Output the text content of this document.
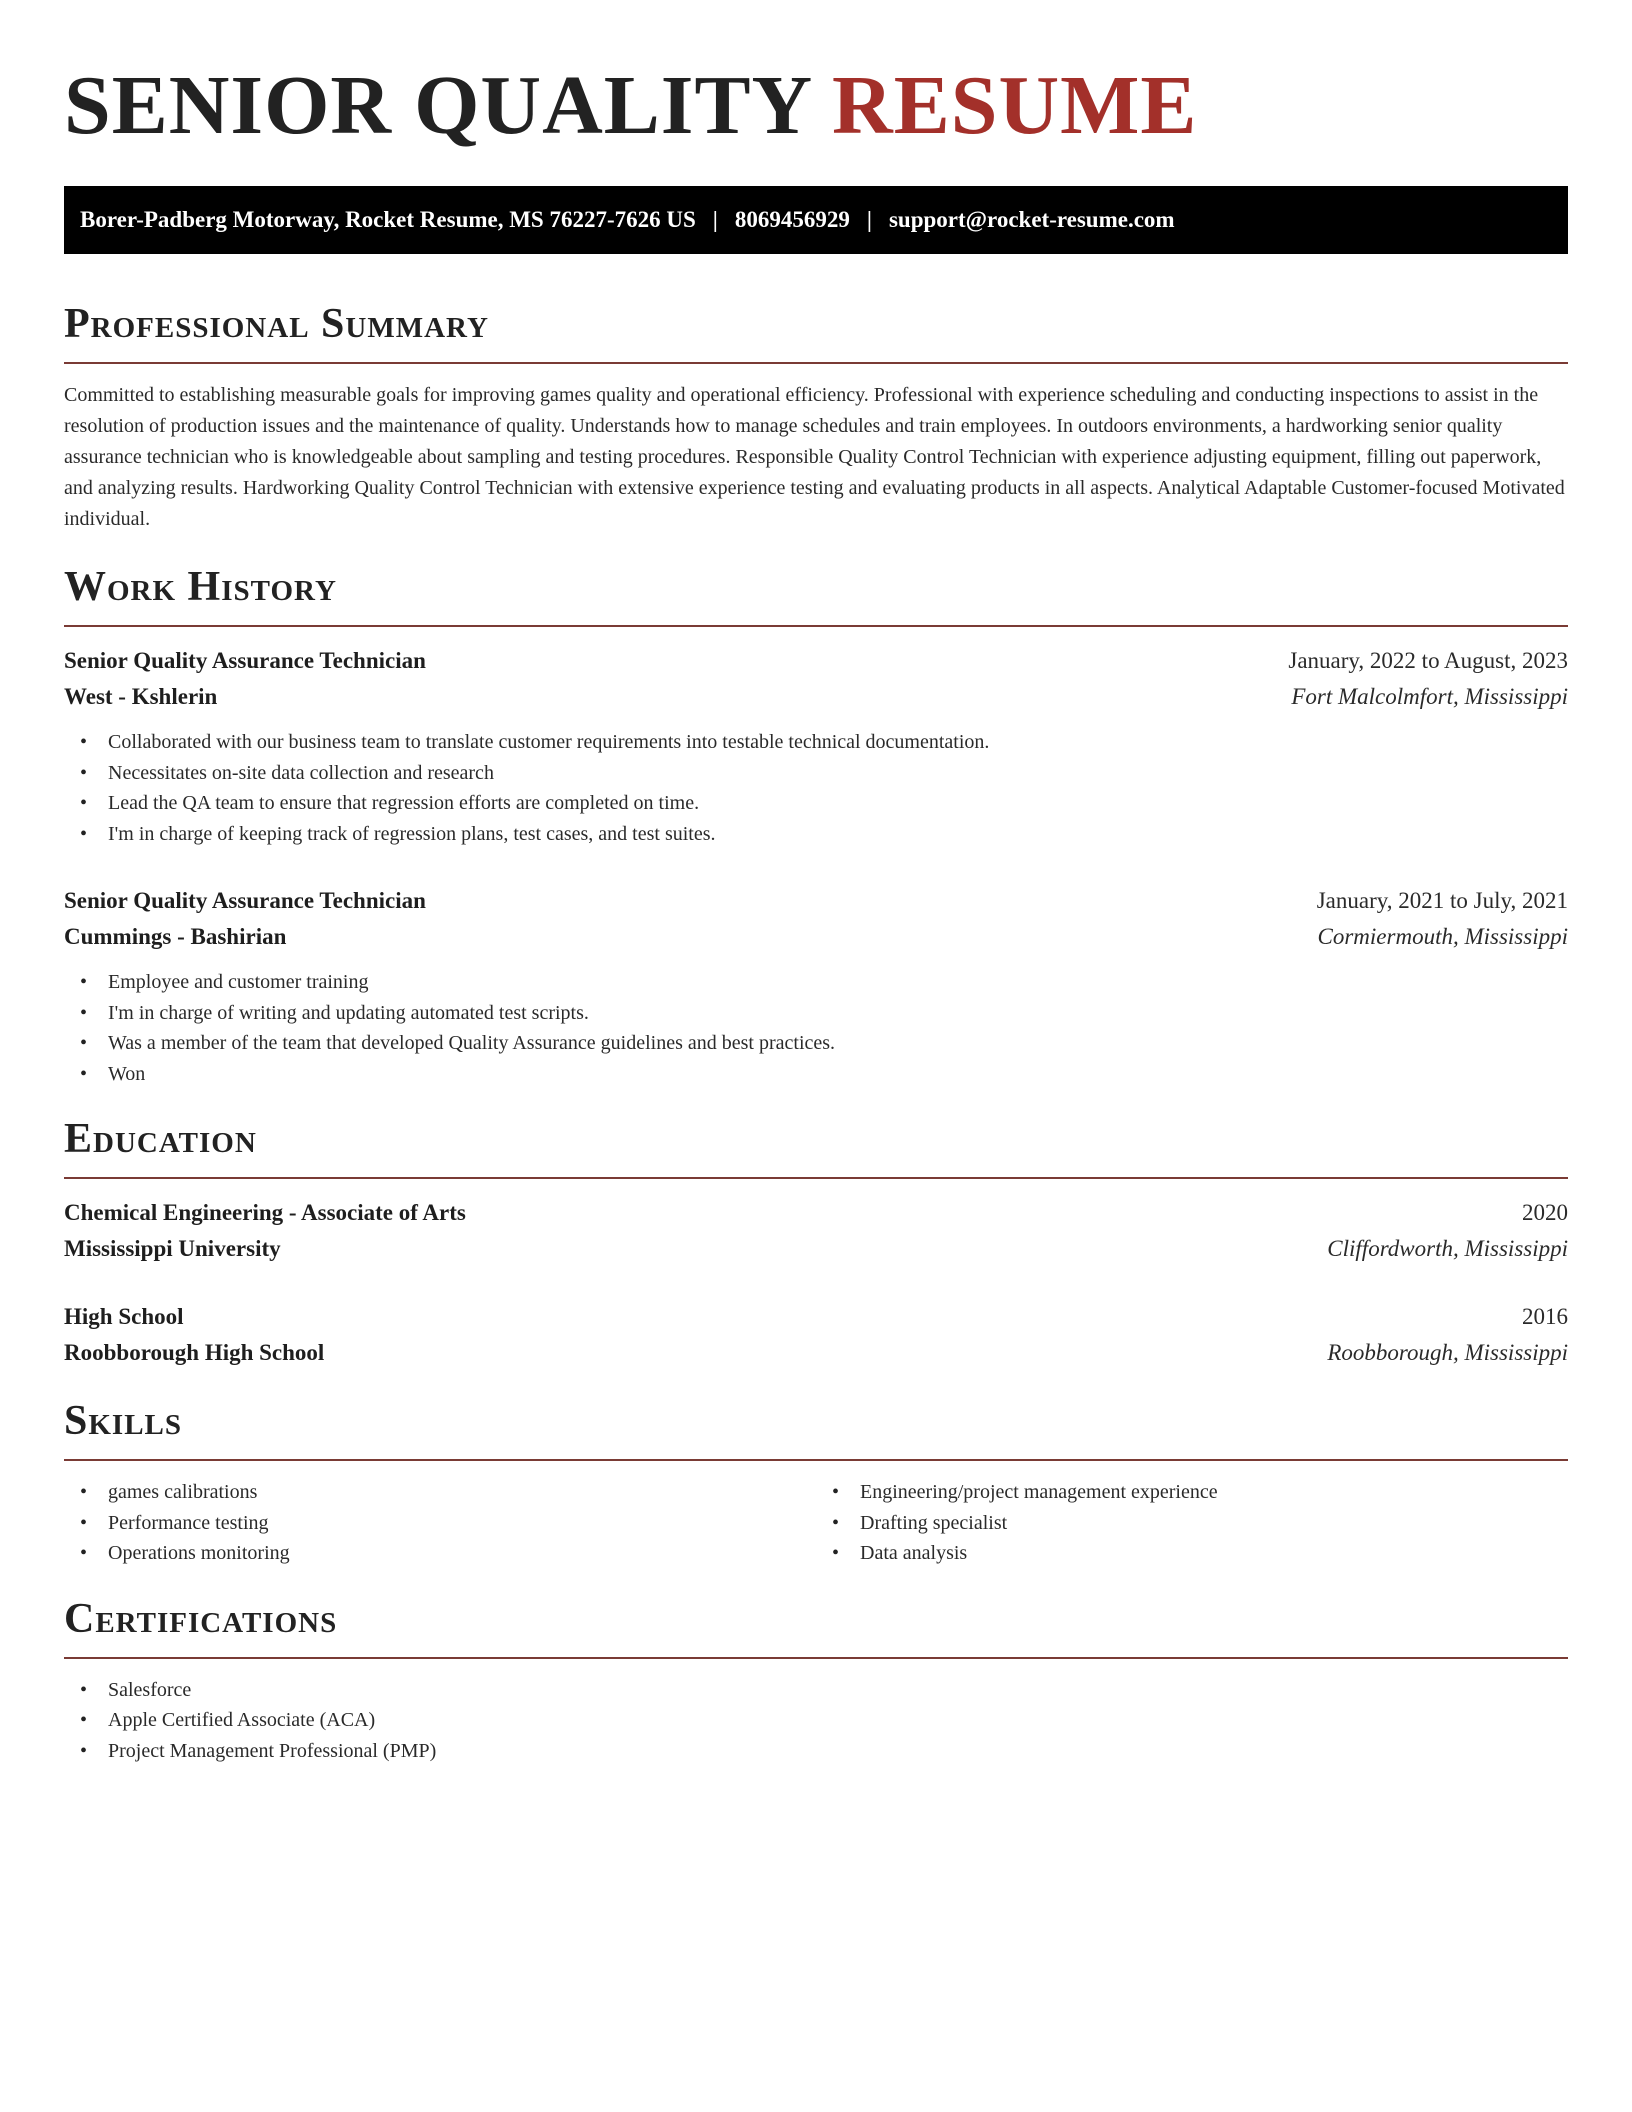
SENIOR QUALITY RESUME
Borer-Padberg Motorway, Rocket Resume, MS 76227-7626 US | 8069456929 | support@rocket-resume.com
Professional Summary

Committed to establishing measurable goals for improving games quality and operational efficiency. Professional with experience scheduling and conducting inspections to assist in the resolution of production issues and the maintenance of quality. Understands how to manage schedules and train employees. In outdoors environments, a hardworking senior quality assurance technician who is knowledgeable about sampling and testing procedures. Responsible Quality Control Technician with experience adjusting equipment, filling out paperwork, and analyzing results. Hardworking Quality Control Technician with extensive experience testing and evaluating products in all aspects. Analytical Adaptable Customer-focused Motivated individual.

Work History
Senior Quality Assurance Technician	January, 2022 to August, 2023
West - Kshlerin	Fort Malcolmfort, Mississippi
• Collaborated with our business team to translate customer requirements into testable technical documentation.
• Necessitates on-site data collection and research
• Lead the QA team to ensure that regression efforts are completed on time.
• I'm in charge of keeping track of regression plans, test cases, and test suites.
Senior Quality Assurance Technician	January, 2021 to July, 2021
Cummings - Bashirian	Cormiermouth, Mississippi
• Employee and customer training
• I'm in charge of writing and updating automated test scripts.
• Was a member of the team that developed Quality Assurance guidelines and best practices.
• Won
Education
Chemical Engineering - Associate of Arts	2020
Mississippi University	Cliffordworth, Mississippi
High School	2016
Roobborough High School	Roobborough, Mississippi
Skills
• games calibrations
• Performance testing
• Operations monitoring
• Engineering/project management experience
• Drafting specialist
• Data analysis
Certifications
• Salesforce
• Apple Certified Associate (ACA)
• Project Management Professional (PMP)
